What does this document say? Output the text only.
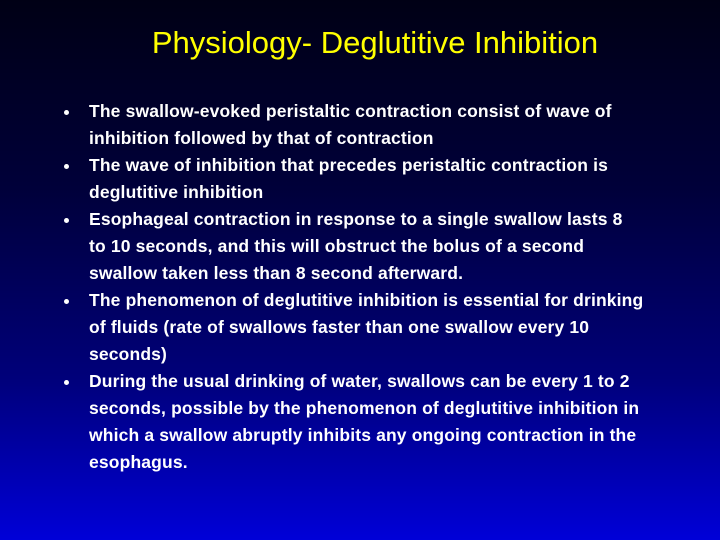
Physiology- Deglutitive Inhibition
The swallow-evoked peristaltic contraction consist of wave of inhibition followed by that of contraction
The wave of inhibition that precedes peristaltic contraction is deglutitive inhibition
Esophageal contraction in response to a single swallow lasts 8 to 10 seconds, and this will obstruct the bolus of a second swallow taken less than 8 second afterward.
The phenomenon of deglutitive inhibition is essential for drinking of fluids (rate of swallows faster than one swallow every 10 seconds)
During the usual drinking of water, swallows can be every 1 to 2 seconds, possible by the phenomenon of deglutitive inhibition in which a swallow abruptly inhibits any ongoing contraction in the esophagus.
